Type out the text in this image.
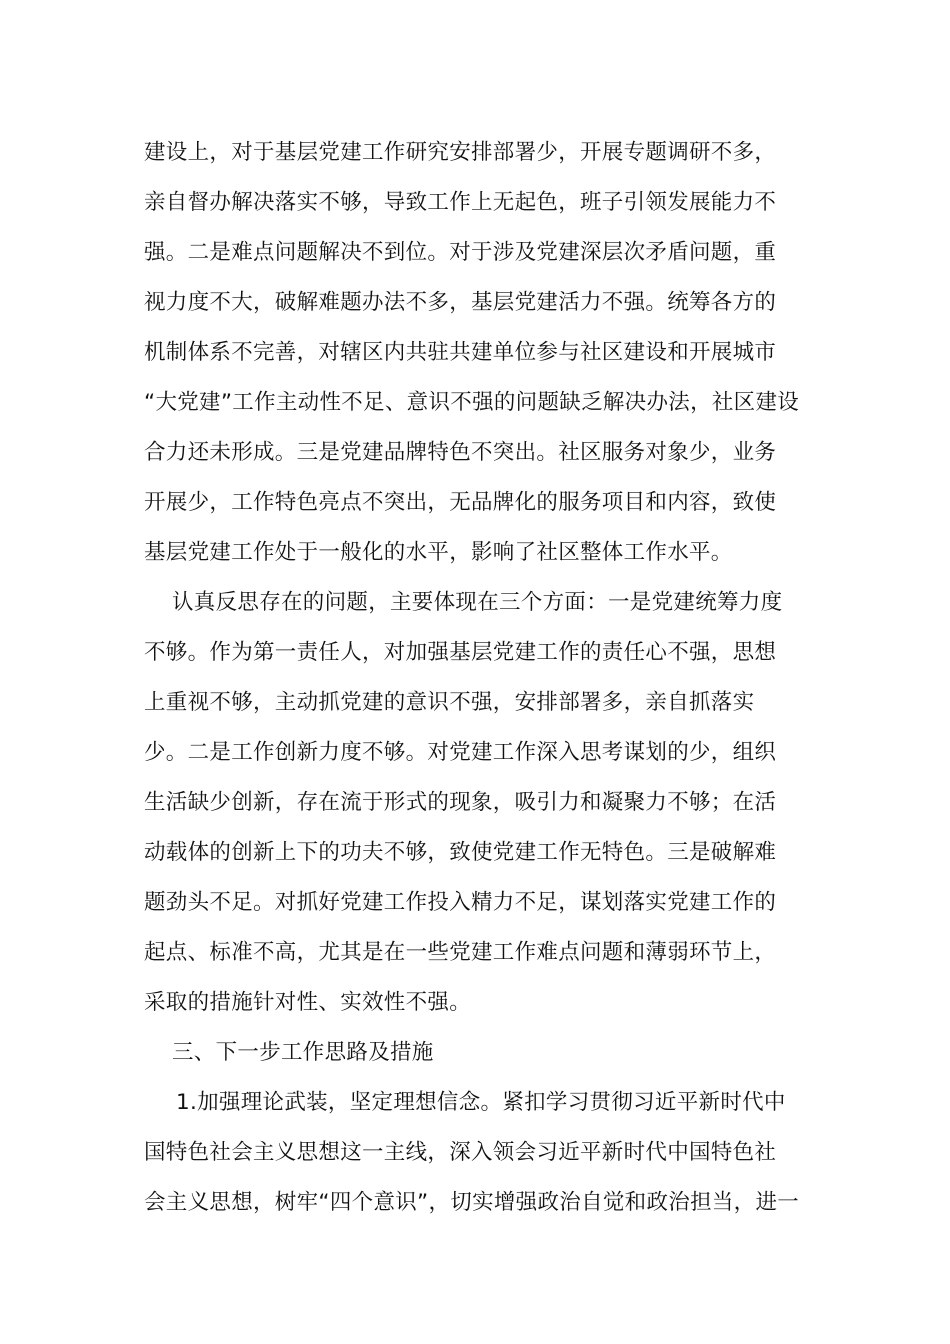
建设上，对于基层党建工作研究安排部署少，开展专题调研不多，
亲自督办解决落实不够，导致工作上无起色，班子引领发展能力不
强。二是难点问题解决不到位。对于涉及党建深层次矛盾问题，重
视力度不大，破解难题办法不多，基层党建活力不强。统筹各方的
机制体系不完善，对辖区内共驻共建单位参与社区建设和开展城市
“大党建”工作主动性不足、意识不强的问题缺乏解决办法，社区建设
合力还未形成。三是党建品牌特色不突出。社区服务对象少，业务
开展少，工作特色亮点不突出，无品牌化的服务项目和内容，致使
基层党建工作处于一般化的水平，影响了社区整体工作水平。
认真反思存在的问题，主要体现在三个方面：一是党建统筹力度
不够。作为第一责任人，对加强基层党建工作的责任心不强，思想
上重视不够，主动抓党建的意识不强，安排部署多，亲自抓落实
少。二是工作创新力度不够。对党建工作深入思考谋划的少，组织
生活缺少创新，存在流于形式的现象，吸引力和凝聚力不够；在活
动载体的创新上下的功夫不够，致使党建工作无特色。三是破解难
题劲头不足。对抓好党建工作投入精力不足，谋划落实党建工作的
起点、标准不高，尤其是在一些党建工作难点问题和薄弱环节上，
采取的措施针对性、实效性不强。
三、下一步工作思路及措施
1.加强理论武装，坚定理想信念。紧扣学习贯彻习近平新时代中
国特色社会主义思想这一主线，深入领会习近平新时代中国特色社
会主义思想，树牢“四个意识”，切实增强政治自觉和政治担当，进一
